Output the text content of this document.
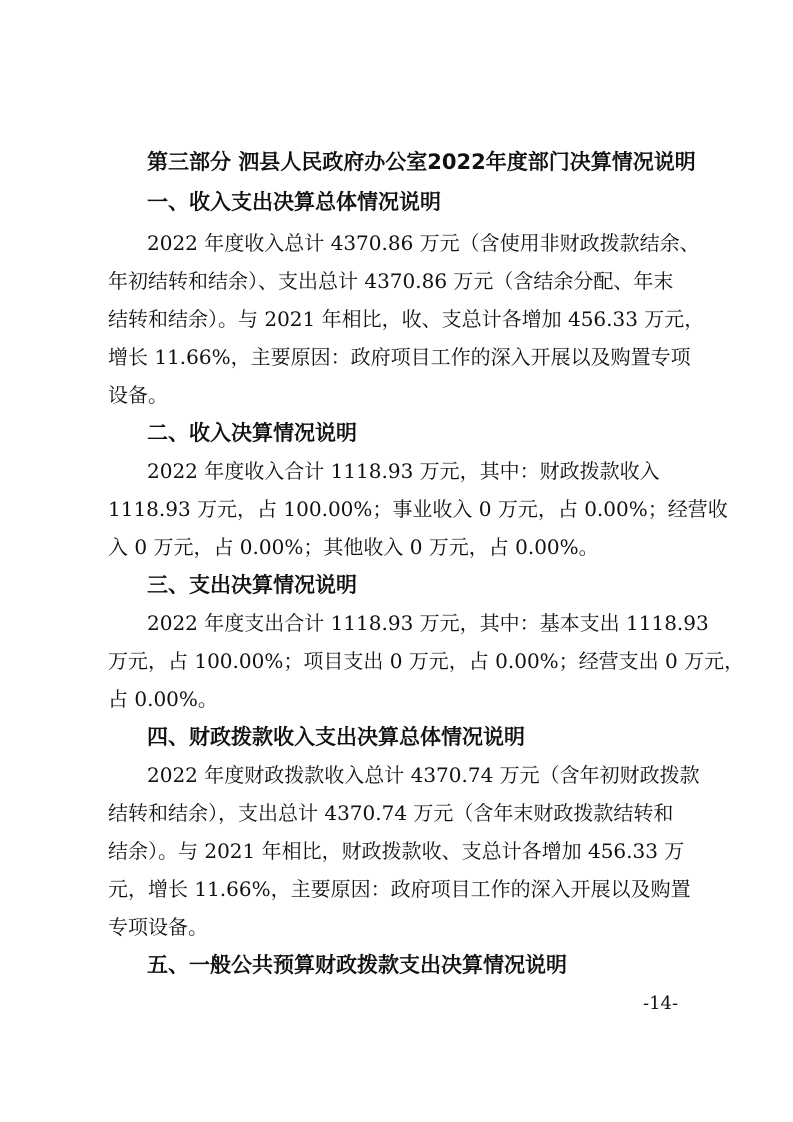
第三部分 泗县人民政府办公室2022年度部门决算情况说明
一、收入支出决算总体情况说明
2022 年度收入总计 4370.86 万元（含使用非财政拨款结余、
年初结转和结余）、支出总计 4370.86 万元（含结余分配、年末
结转和结余）。与 2021 年相比，收、支总计各增加 456.33 万元，
增长 11.66%，主要原因：政府项目工作的深入开展以及购置专项
设备。
二、收入决算情况说明
2022 年度收入合计 1118.93 万元，其中：财政拨款收入
1118.93 万元，占 100.00%；事业收入 0 万元，占 0.00%；经营收
入 0 万元，占 0.00%；其他收入 0 万元，占 0.00%。
三、支出决算情况说明
2022 年度支出合计 1118.93 万元，其中：基本支出 1118.93
万元，占 100.00%；项目支出 0 万元，占 0.00%；经营支出 0 万元，
占 0.00%。
四、财政拨款收入支出决算总体情况说明
2022 年度财政拨款收入总计 4370.74 万元（含年初财政拨款
结转和结余），支出总计 4370.74 万元（含年末财政拨款结转和
结余）。与 2021 年相比，财政拨款收、支总计各增加 456.33 万
元，增长 11.66%，主要原因：政府项目工作的深入开展以及购置
专项设备。
五、一般公共预算财政拨款支出决算情况说明
-14-
